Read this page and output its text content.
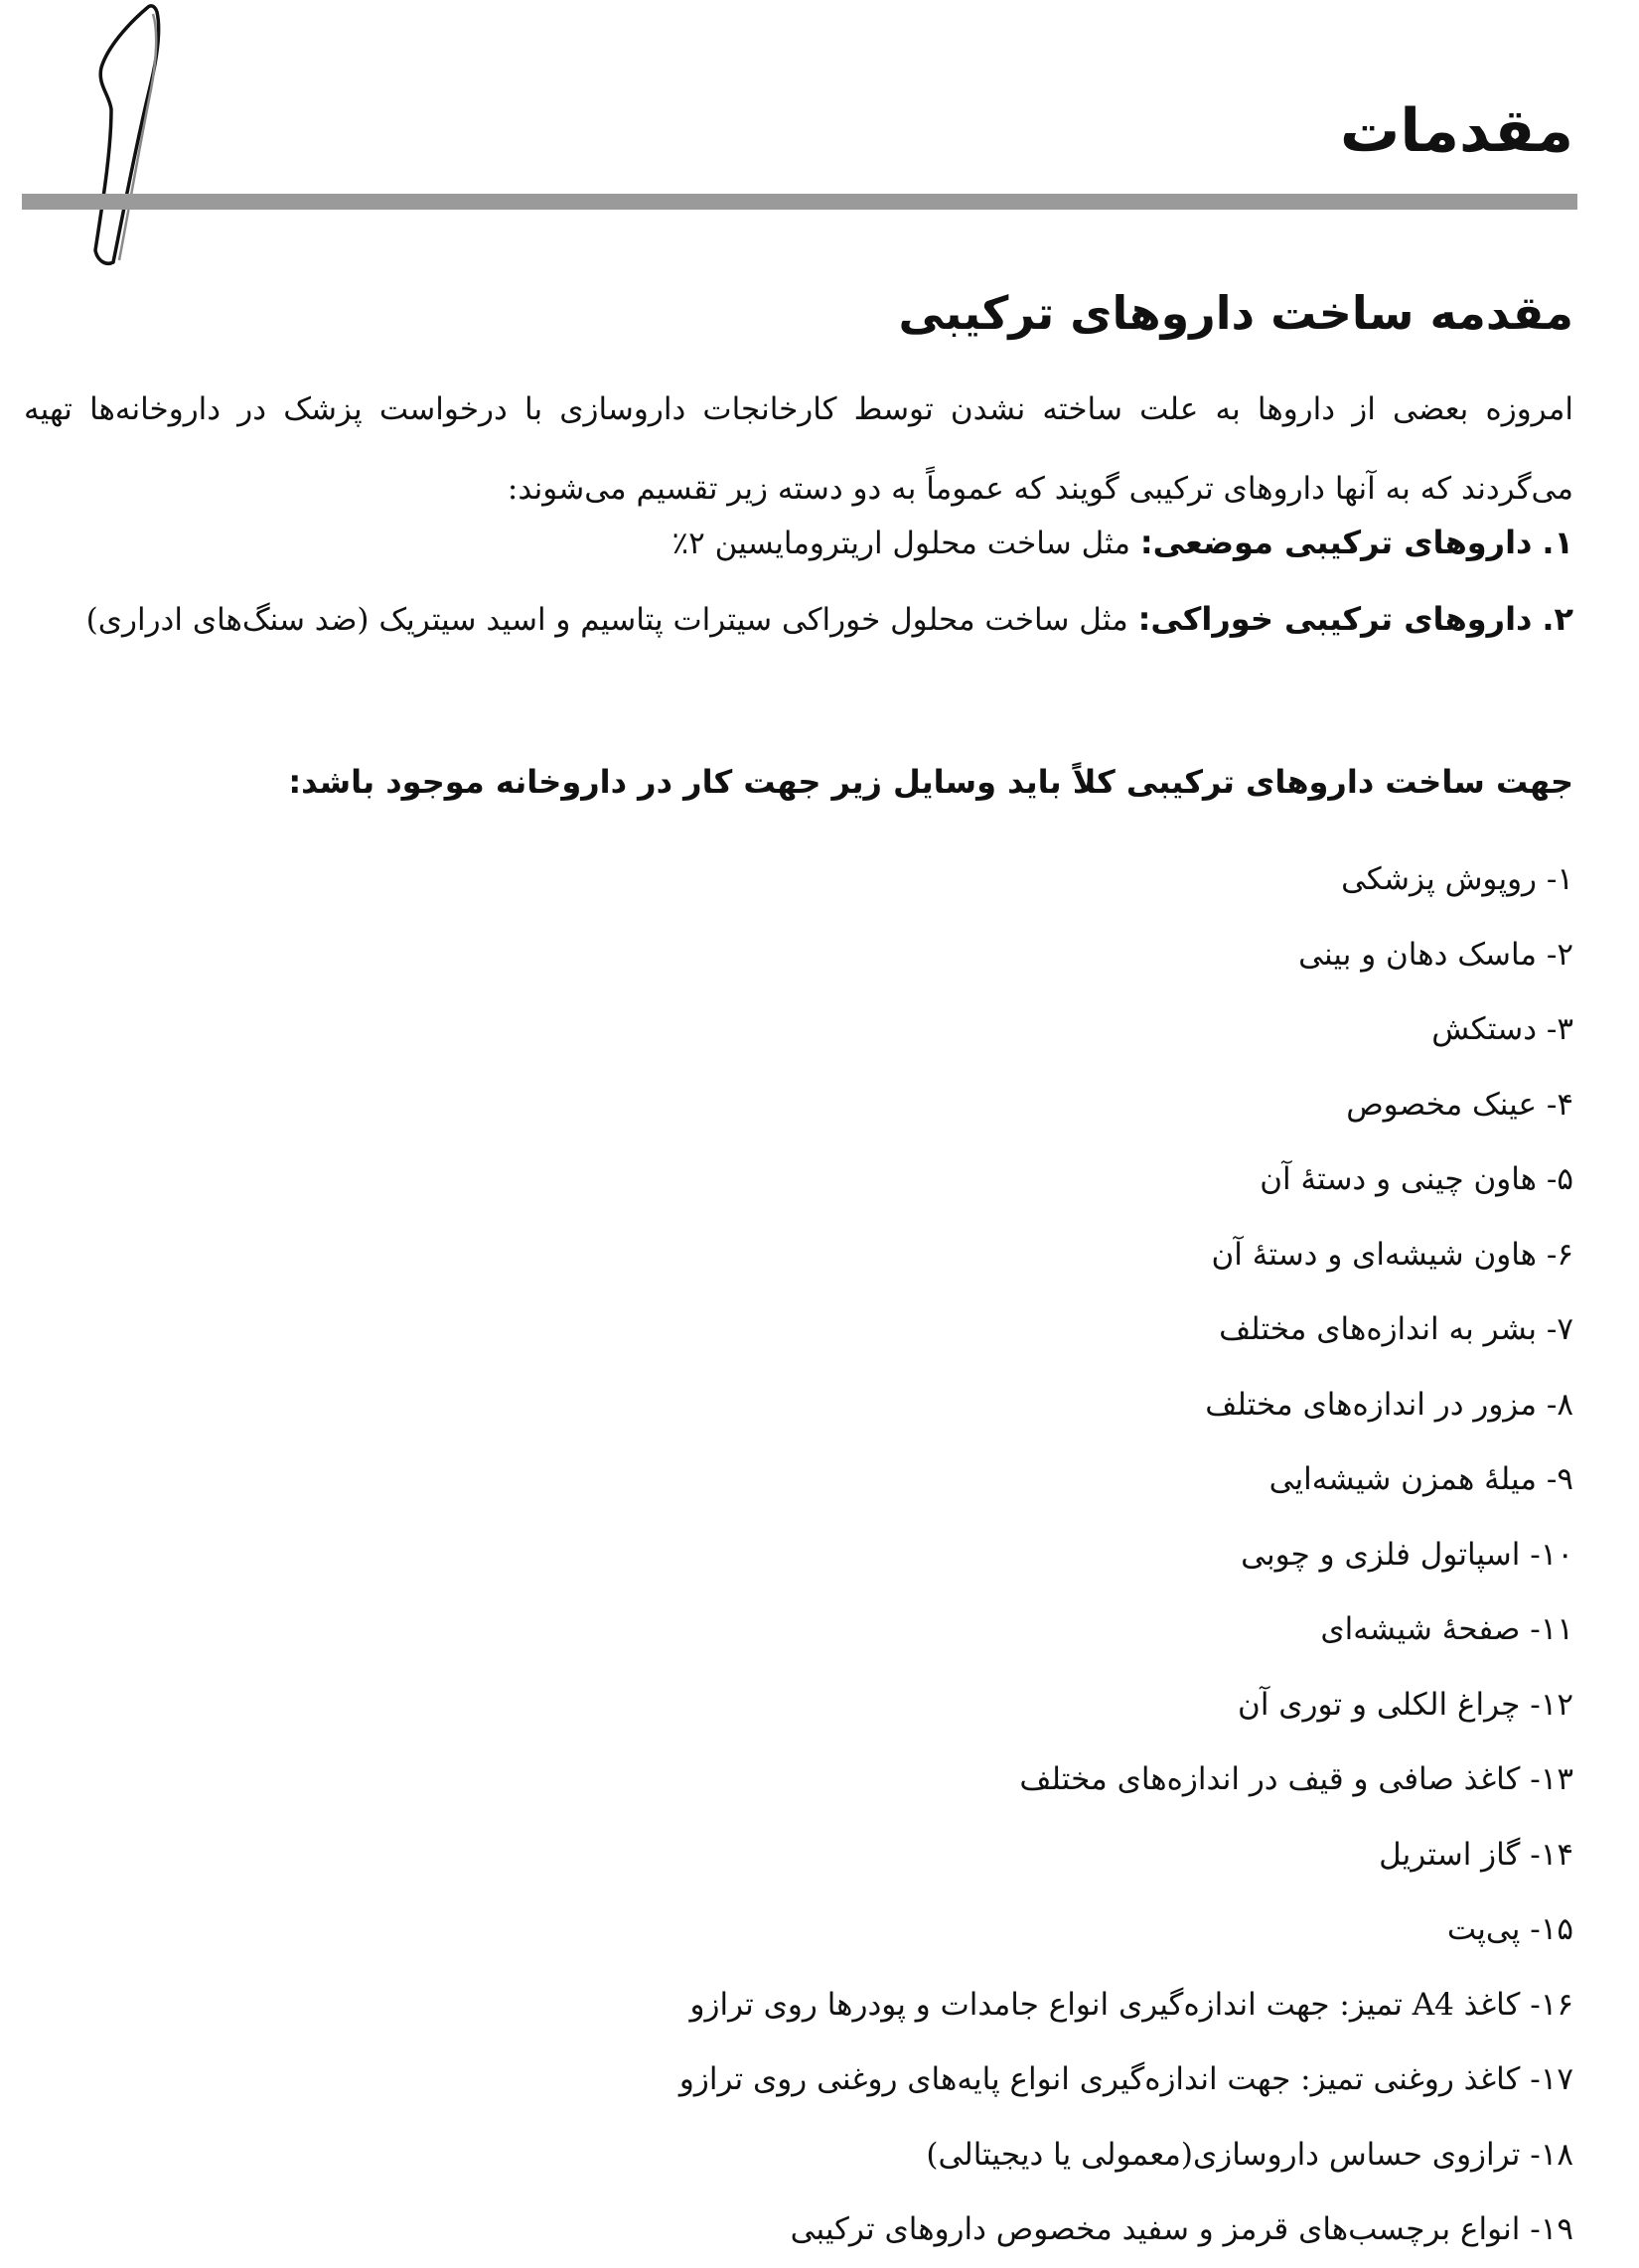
مقدمات
مقدمه ساخت داروهای ترکیبی

امروزه بعضی از داروها به علت ساخته نشدن توسط کارخانجات داروسازی با درخواست پزشک در داروخانه‌ها تهیه می‌گردند که به آنها داروهای ترکیبی گویند که عموماً به دو دسته زیر تقسیم می‌شوند:

۱. داروهای ترکیبی موضعی: مثل ساخت محلول اریترومایسین ۲٪
۲. داروهای ترکیبی خوراکی: مثل ساخت محلول خوراکی سیترات پتاسیم و اسید سیتریک (ضد سنگ‌های ادراری)
جهت ساخت داروهای ترکیبی کلاً باید وسایل زیر جهت کار در داروخانه موجود باشد:
۱- روپوش پزشکی
۲- ماسک دهان و بینی
۳- دستکش
۴- عینک مخصوص
۵- هاون چینی و دستهٔ آن
۶- هاون شیشه‌ای و دستهٔ آن
۷- بشر به اندازه‌های مختلف
۸- مزور در اندازه‌های مختلف
۹- میلهٔ همزن شیشه‌ایی
۱۰- اسپاتول فلزی و چوبی
۱۱- صفحهٔ شیشه‌ای
۱۲- چراغ الکلی و توری آن
۱۳- کاغذ صافی و قیف در اندازه‌های مختلف
۱۴- گاز استریل
۱۵- پی‌پت
۱۶- کاغذ A4 تمیز: جهت اندازه‌گیری انواع جامدات و پودرها روی ترازو
۱۷- کاغذ روغنی تمیز: جهت اندازه‌گیری انواع پایه‌های روغنی روی ترازو
۱۸- ترازوی حساس داروسازی(معمولی یا دیجیتالی)
۱۹- انواع برچسب‌های قرمز و سفید مخصوص داروهای ترکیبی
